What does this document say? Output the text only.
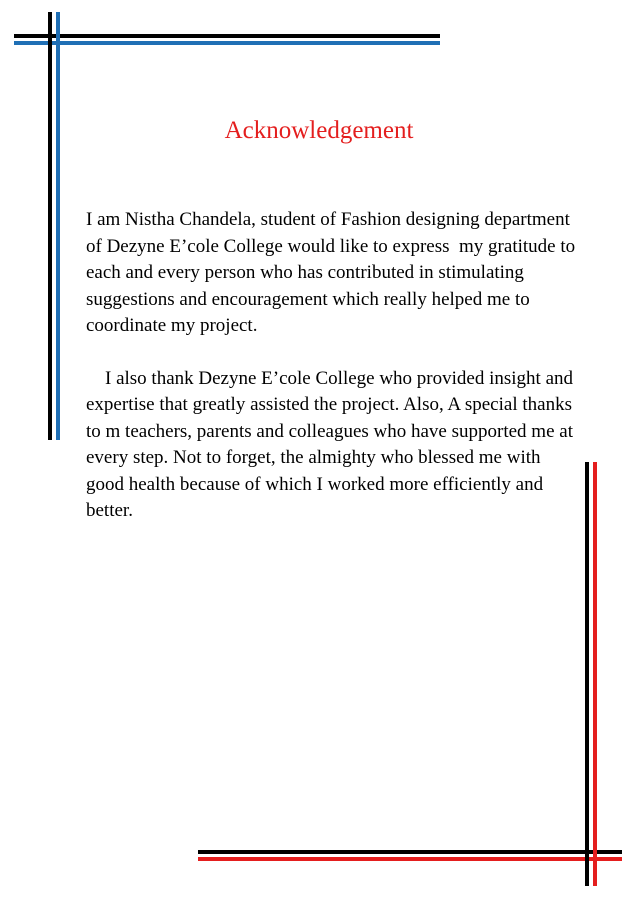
Acknowledgement

I am Nistha Chandela, student of Fashion designing department of Dezyne E’cole College would like to express  my gratitude to each and every person who has contributed in stimulating suggestions and encouragement which really helped me to coordinate my project.

I also thank Dezyne E’cole College who provided insight and expertise that greatly assisted the project. Also, A special thanks to m teachers, parents and colleagues who have supported me at every step. Not to forget, the almighty who blessed me with good health because of which I worked more efficiently and better.
